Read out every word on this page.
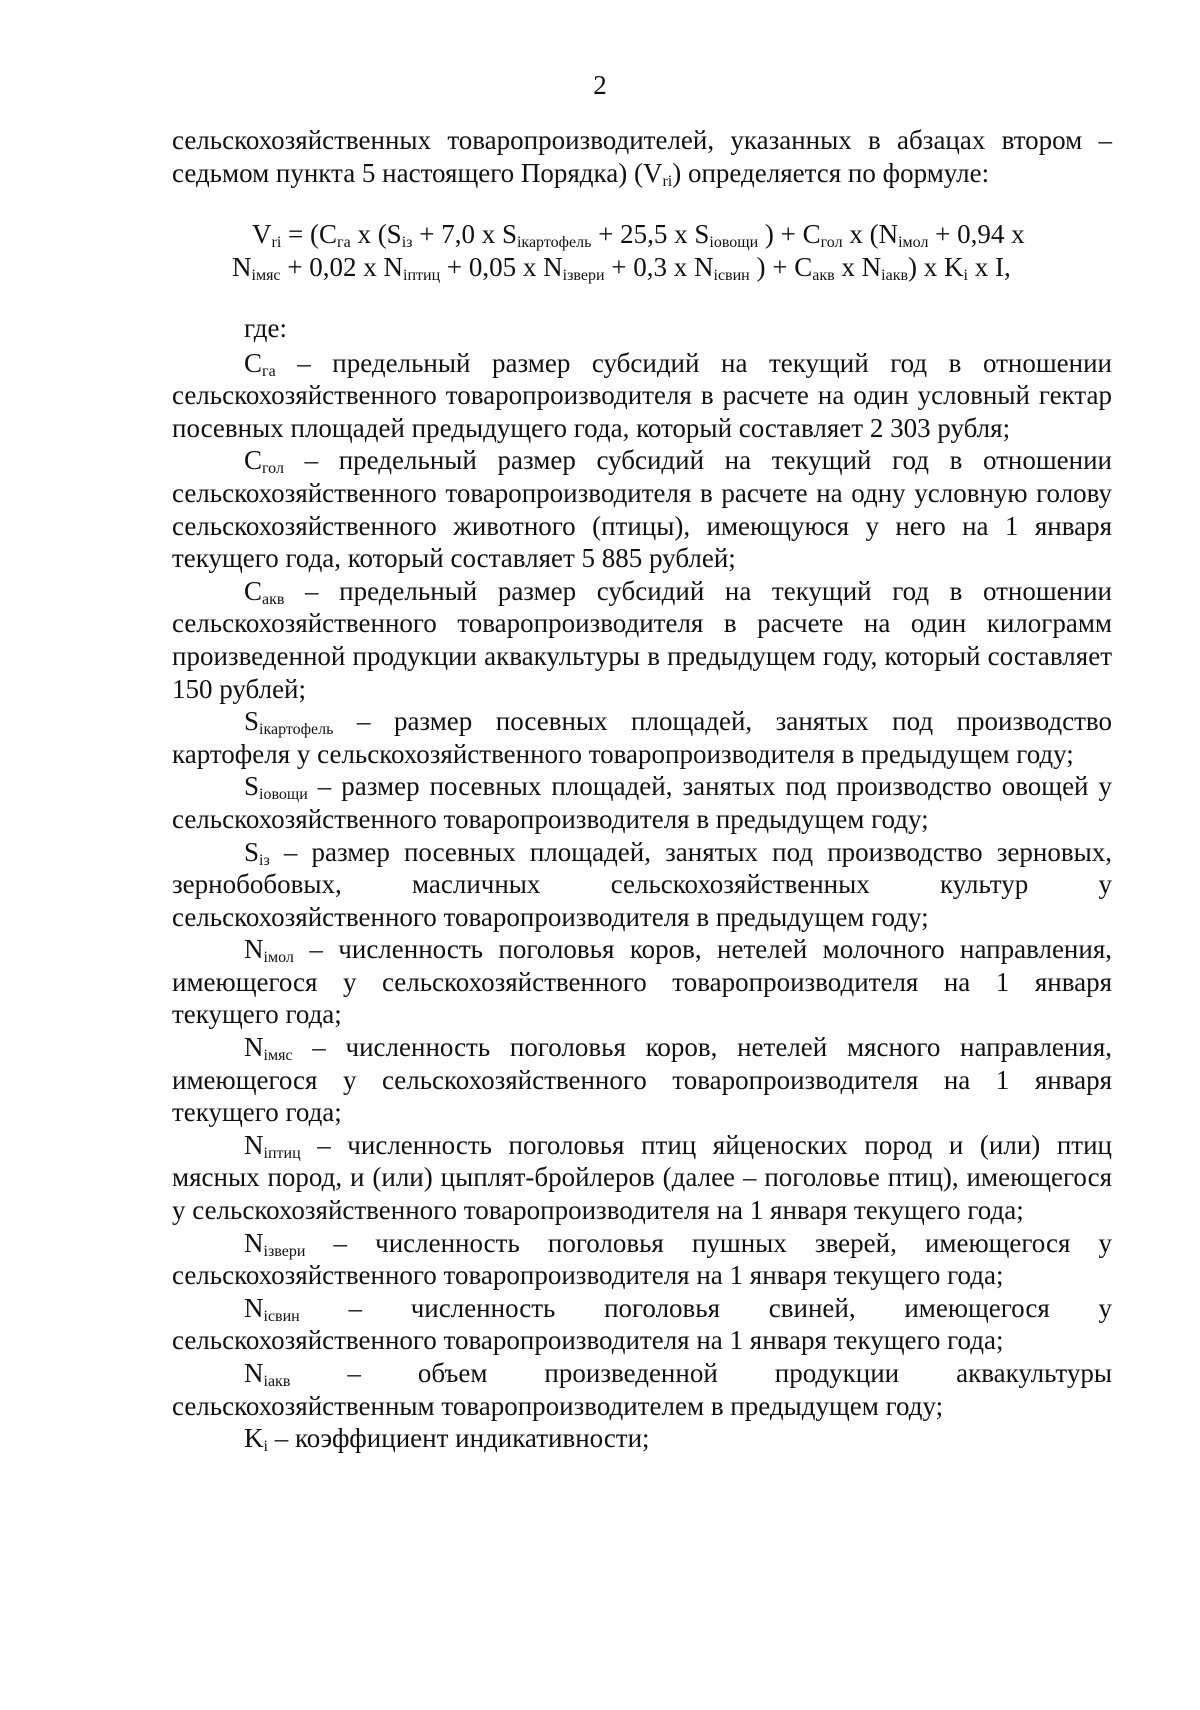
2

сельскохозяйственных товаропроизводителей, указанных в абзацах втором – седьмом пункта 5 настоящего Порядка) $(V_{ri})$ определяется по формуле:

$V_{ri} = (C_{га}$ x ($S_{iз} + 7,0$ x $S_{iкартофель} + 25,5$ x $S_{iовощи}$ ) + $C_{гол}$ x ($N_{iмол} + 0,94$ x

$N_{iмяс} + 0,02$ x $N_{iптиц} + 0,05$ x $N_{iзвери} + 0,3$ x $N_{iсвин}$ ) + $C_{акв}$ x $N_{iакв}$) x $K_i$ x I,

где:

$C_{га}$ – предельный размер субсидий на текущий год в отношении сельскохозяйственного товаропроизводителя в расчете на один условный гектар посевных площадей предыдущего года, который составляет 2 303 рубля;

$C_{гол}$ – предельный размер субсидий на текущий год в отношении сельскохозяйственного товаропроизводителя в расчете на одну условную голову сельскохозяйственного животного (птицы), имеющуюся у него на 1 января текущего года, который составляет 5 885 рублей;

$C_{акв}$ – предельный размер субсидий на текущий год в отношении сельскохозяйственного товаропроизводителя в расчете на один килограмм произведенной продукции аквакультуры в предыдущем году, который составляет 150 рублей;

$S_{iкартофель}$ – размер посевных площадей, занятых под производство картофеля у сельскохозяйственного товаропроизводителя в предыдущем году;

$S_{iовощи}$ – размер посевных площадей, занятых под производство овощей у сельскохозяйственного товаропроизводителя в предыдущем году;

$S_{iз}$ – размер посевных площадей, занятых под производство зерновых, зернобобовых, масличных сельскохозяйственных культур у сельскохозяйственного товаропроизводителя в предыдущем году;

$N_{iмол}$ – численность поголовья коров, нетелей молочного направления, имеющегося у сельскохозяйственного товаропроизводителя на 1 января текущего года;

$N_{iмяс}$ – численность поголовья коров, нетелей мясного направления, имеющегося у сельскохозяйственного товаропроизводителя на 1 января текущего года;

$N_{iптиц}$ – численность поголовья птиц яйценоских пород и (или) птиц мясных пород, и (или) цыплят-бройлеров (далее – поголовье птиц), имеющегося у сельскохозяйственного товаропроизводителя на 1 января текущего года;

$N_{iзвери}$ – численность поголовья пушных зверей, имеющегося у сельскохозяйственного товаропроизводителя на 1 января текущего года;

$N_{iсвин}$ – численность поголовья свиней, имеющегося у сельскохозяйственного товаропроизводителя на 1 января текущего года;

$N_{iакв}$ – объем произведенной продукции аквакультуры сельскохозяйственным товаропроизводителем в предыдущем году;

$K_i$ – коэффициент индикативности;
